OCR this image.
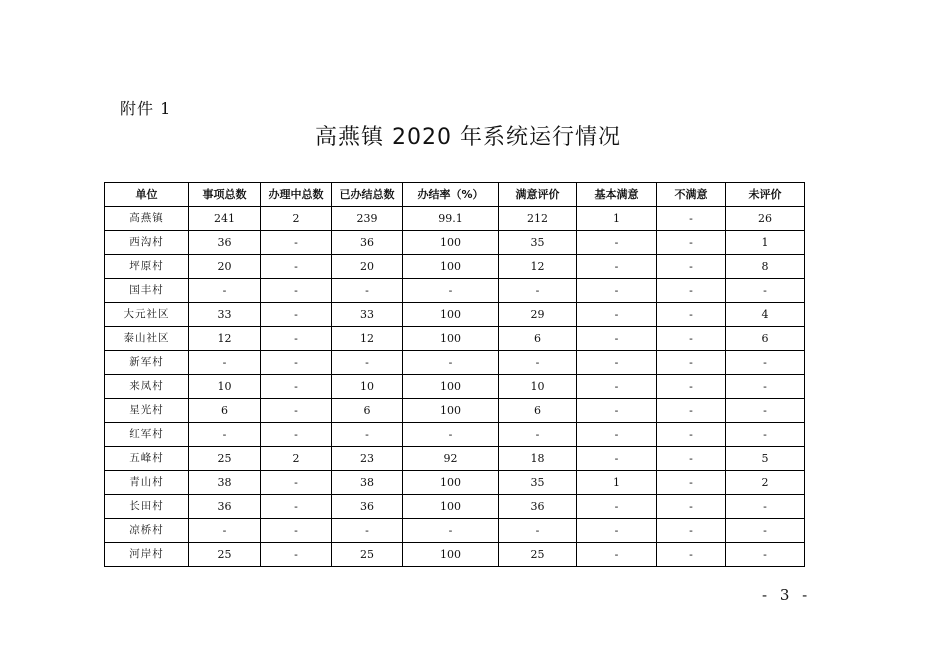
附件 1
高燕镇 2020 年系统运行情况
单位	事项总数	办理中总数	已办结总数	办结率（%）	满意评价	基本满意	不满意	未评价
高燕镇	241	2	239	99.1	212	1	-	26
西沟村	36	-	36	100	35	-	-	1
坪原村	20	-	20	100	12	-	-	8
国丰村	-	-	-	-	-	-	-	-
大元社区	33	-	33	100	29	-	-	4
泰山社区	12	-	12	100	6	-	-	6
新军村	-	-	-	-	-	-	-	-
来凤村	10	-	10	100	10	-	-	-
星光村	6	-	6	100	6	-	-	-
红军村	-	-	-	-	-	-	-	-
五峰村	25	2	23	92	18	-	-	5
青山村	38	-	38	100	35	1	-	2
长田村	36	-	36	100	36	-	-	-
凉桥村	-	-	-	-	-	-	-	-
河岸村	25	-	25	100	25	-	-	-
- 3 -
